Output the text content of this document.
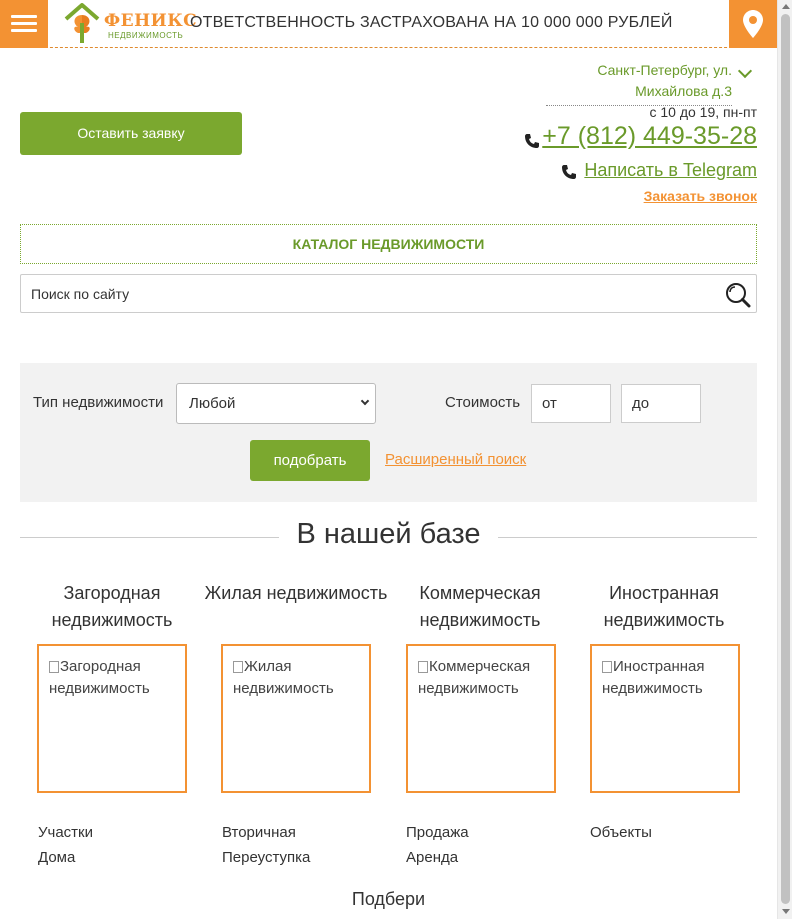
ФЕНИКС
НЕДВИЖИМОСТЬ
ОТВЕТСТВЕННОСТЬ ЗАСТРАХОВАНА НА 10 000 000 РУБЛЕЙ
Санкт-Петербург, ул. Михайлова д.3
с 10 до 19, пн-пт
+7 (812) 449-35-28
Написать в Telegram
Заказать звонок
Оставить заявку
КАТАЛОГ НЕДВИЖИМОСТИ
Поиск по сайту
Тип недвижимости	Любой	Стоимость
от
до
подобрать	Расширенный поиск
В нашей базе
Загородная недвижимость
Загородная недвижимость
Участки
Дома
Жилая недвижимость
Жилая недвижимость
Вторичная
Переуступка
Коммерческая недвижимость
Коммерческая недвижимость
Продажа
Аренда
Иностранная недвижимость
Иностранная недвижимость
Объекты
Подбери
